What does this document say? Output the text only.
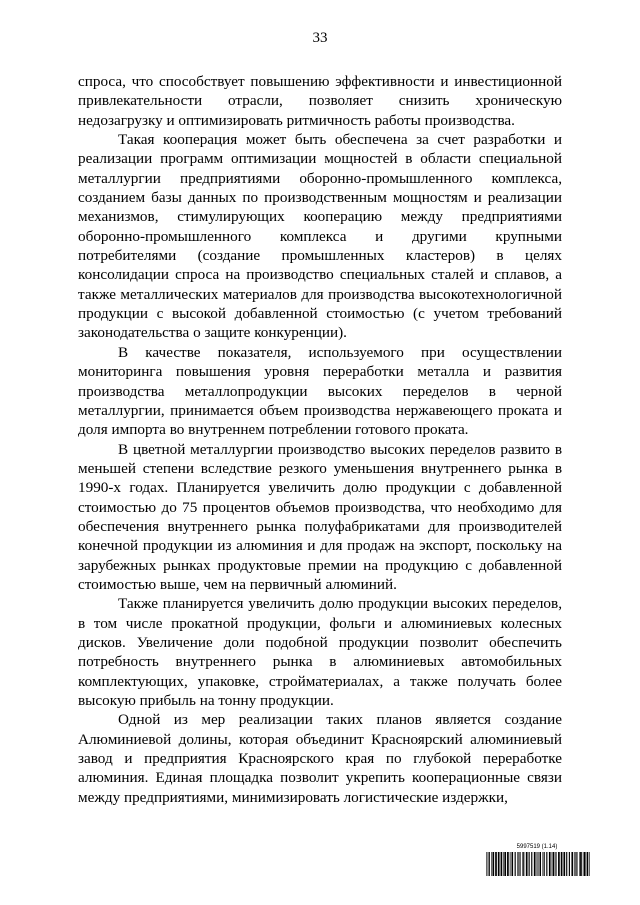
33

спроса, что способствует повышению эффективности и инвестиционной привлекательности отрасли, позволяет снизить хроническую недозагрузку и оптимизировать ритмичность работы производства.

Такая кооперация может быть обеспечена за счет разработки и реализации программ оптимизации мощностей в области специальной металлургии предприятиями оборонно-промышленного комплекса, созданием базы данных по производственным мощностям и реализации механизмов, стимулирующих кооперацию между предприятиями оборонно-промышленного комплекса и другими крупными потребителями (создание промышленных кластеров) в целях консолидации спроса на производство специальных сталей и сплавов, а также металлических материалов для производства высокотехнологичной продукции с высокой добавленной стоимостью (с учетом требований законодательства о защите конкуренции).

В качестве показателя, используемого при осуществлении мониторинга повышения уровня переработки металла и развития производства металлопродукции высоких переделов в черной металлургии, принимается объем производства нержавеющего проката и доля импорта во внутреннем потреблении готового проката.

В цветной металлургии производство высоких переделов развито в меньшей степени вследствие резкого уменьшения внутреннего рынка в 1990-х годах. Планируется увеличить долю продукции с добавленной стоимостью до 75 процентов объемов производства, что необходимо для обеспечения внутреннего рынка полуфабрикатами для производителей конечной продукции из алюминия и для продаж на экспорт, поскольку на зарубежных рынках продуктовые премии на продукцию с добавленной стоимостью выше, чем на первичный алюминий.

Также планируется увеличить долю продукции высоких переделов, в том числе прокатной продукции, фольги и алюминиевых колесных дисков. Увеличение доли подобной продукции позволит обеспечить потребность внутреннего рынка в алюминиевых автомобильных комплектующих, упаковке, стройматериалах, а также получать более высокую прибыль на тонну продукции.

Одной из мер реализации таких планов является создание Алюминиевой долины, которая объединит Красноярский алюминиевый завод и предприятия Красноярского края по глубокой переработке алюминия. Единая площадка позволит укрепить кооперационные связи между предприятиями, минимизировать логистические издержки,

5997519 (1.14)
